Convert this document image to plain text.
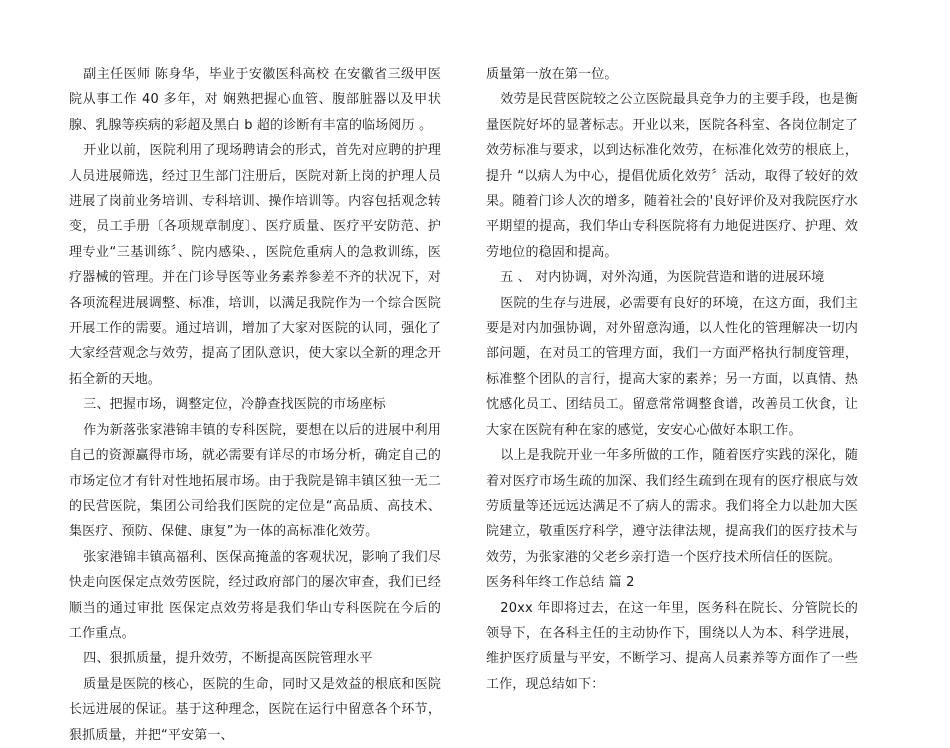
副主任医师 陈身华，毕业于安徽医科高校 在安徽省三级甲医院从事工作 40 多年，对 娴熟把握心血管、腹部脏器以及甲状腺、乳腺等疾病的彩超及黑白 b 超的诊断有丰富的临场阅历 。

开业以前，医院利用了现场聘请会的形式，首先对应聘的护理人员进展筛选，经过卫生部门注册后，医院对新上岗的护理人员进展了岗前业务培训、专科培训、操作培训等。内容包括观念转变，员工手册〔各项规章制度〕、医疗质量、医疗平安防范、护理专业“三基训练〞、院内感染、，医院危重病人的急救训练，医疗器械的管理。并在门诊导医等业务素养参差不齐的状况下，对各项流程进展调整、标准，培训，以满足我院作为一个综合医院开展工作的需要。通过培训，增加了大家对医院的认同，强化了大家经营观念与效劳，提高了团队意识，使大家以全新的理念开拓全新的天地。

三、把握市场，调整定位，冷静查找医院的市场座标

作为新落张家港锦丰镇的专科医院，要想在以后的进展中利用自己的资源赢得市场，就必需要有详尽的市场分析，确定自己的市场定位才有针对性地拓展市场。由于我院是锦丰镇区独一无二的民营医院，集团公司给我们医院的定位是“高品质、高技术、集医疗、预防、保健、康复”为一体的高标准化效劳。

张家港锦丰镇高福利、医保高掩盖的客观状况，影响了我们尽快走向医保定点效劳医院，经过政府部门的屡次审查，我们已经顺当的通过审批 医保定点效劳将是我们华山专科医院在今后的工作重点。

四、狠抓质量，提升效劳，不断提高医院管理水平

质量是医院的核心，医院的生命，同时又是效益的根底和医院长远进展的保证。基于这种理念，医院在运行中留意各个环节，狠抓质量，并把“平安第一、

质量第一放在第一位。

效劳是民营医院较之公立医院最具竞争力的主要手段，也是衡量医院好坏的显著标志。开业以来，医院各科室、各岗位制定了效劳标准与要求，以到达标准化效劳，在标准化效劳的根底上，提升 “以病人为中心，提倡优质化效劳〞活动，取得了较好的效果。随着门诊人次的增多，随着社会的'良好评价及对我院医疗水平期望的提高，我们华山专科医院将有力地促进医疗、护理、效劳地位的稳固和提高。

五 、 对内协调，对外沟通，为医院营造和谐的进展环境

医院的生存与进展，必需要有良好的环境，在这方面，我们主要是对内加强协调，对外留意沟通，以人性化的管理解决一切内部问题，在对员工的管理方面，我们一方面严格执行制度管理，标准整个团队的言行，提高大家的素养；另一方面，以真情、热忱感化员工、团结员工。留意常常调整食谱，改善员工伙食，让大家在医院有种在家的感觉，安安心心做好本职工作。

以上是我院开业一年多所做的工作，随着医疗实践的深化，随着对医疗市场生疏的加深、我们经生疏到在现有的医疗根底与效劳质量等还远远达满足不了病人的需求。我们将全力以赴加大医院建立，敬重医疗科学，遵守法律法规，提高我们的医疗技术与效劳，为张家港的父老乡亲打造一个医疗技术所信任的医院。

医务科年终工作总结 篇 2

20xx 年即将过去，在这一年里，医务科在院长、分管院长的领导下，在各科主任的主动协作下，围绕以人为本、科学进展，维护医疗质量与平安，不断学习、提高人员素养等方面作了一些工作，现总结如下：
